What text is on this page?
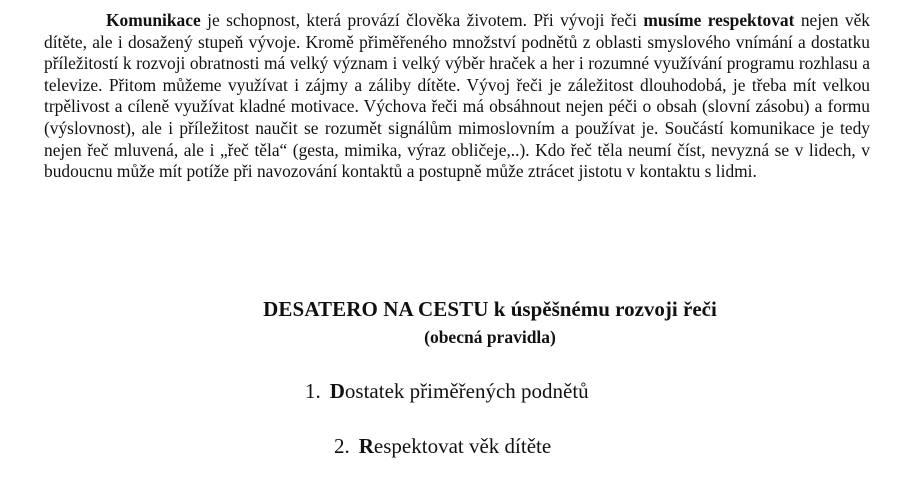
Komunikace je schopnost, která provází člověka životem. Při vývoji řeči musíme respektovat nejen věk dítěte, ale i dosažený stupeň vývoje. Kromě přiměřeného množství podnětů z oblasti smyslového vnímání a dostatku příležitostí k rozvoji obratnosti má velký význam i velký výběr hraček a her i rozumné využívání programu rozhlasu a televize. Přitom můžeme využívat i zájmy a záliby dítěte. Vývoj řeči je záležitost dlouhodobá, je třeba mít velkou trpělivost a cíleně využívat kladné motivace. Výchova řeči má obsáhnout nejen péči o obsah (slovní zásobu) a formu (výslovnost), ale i příležitost naučit se rozumět signálům mimoslovním a používat je. Součástí komunikace je tedy nejen řeč mluvená, ale i „řeč těla“ (gesta, mimika, výraz obličeje,..). Kdo řeč těla neumí číst, nevyzná se v lidech, v budoucnu může mít potíže při navozování kontaktů a postupně může ztrácet jistotu v kontaktu s lidmi.

DESATERO NA CESTU k úspěšnému rozvoji řeči
(obecná pravidla)
1. Dostatek přiměřených podnětů
2. Respektovat věk dítěte
